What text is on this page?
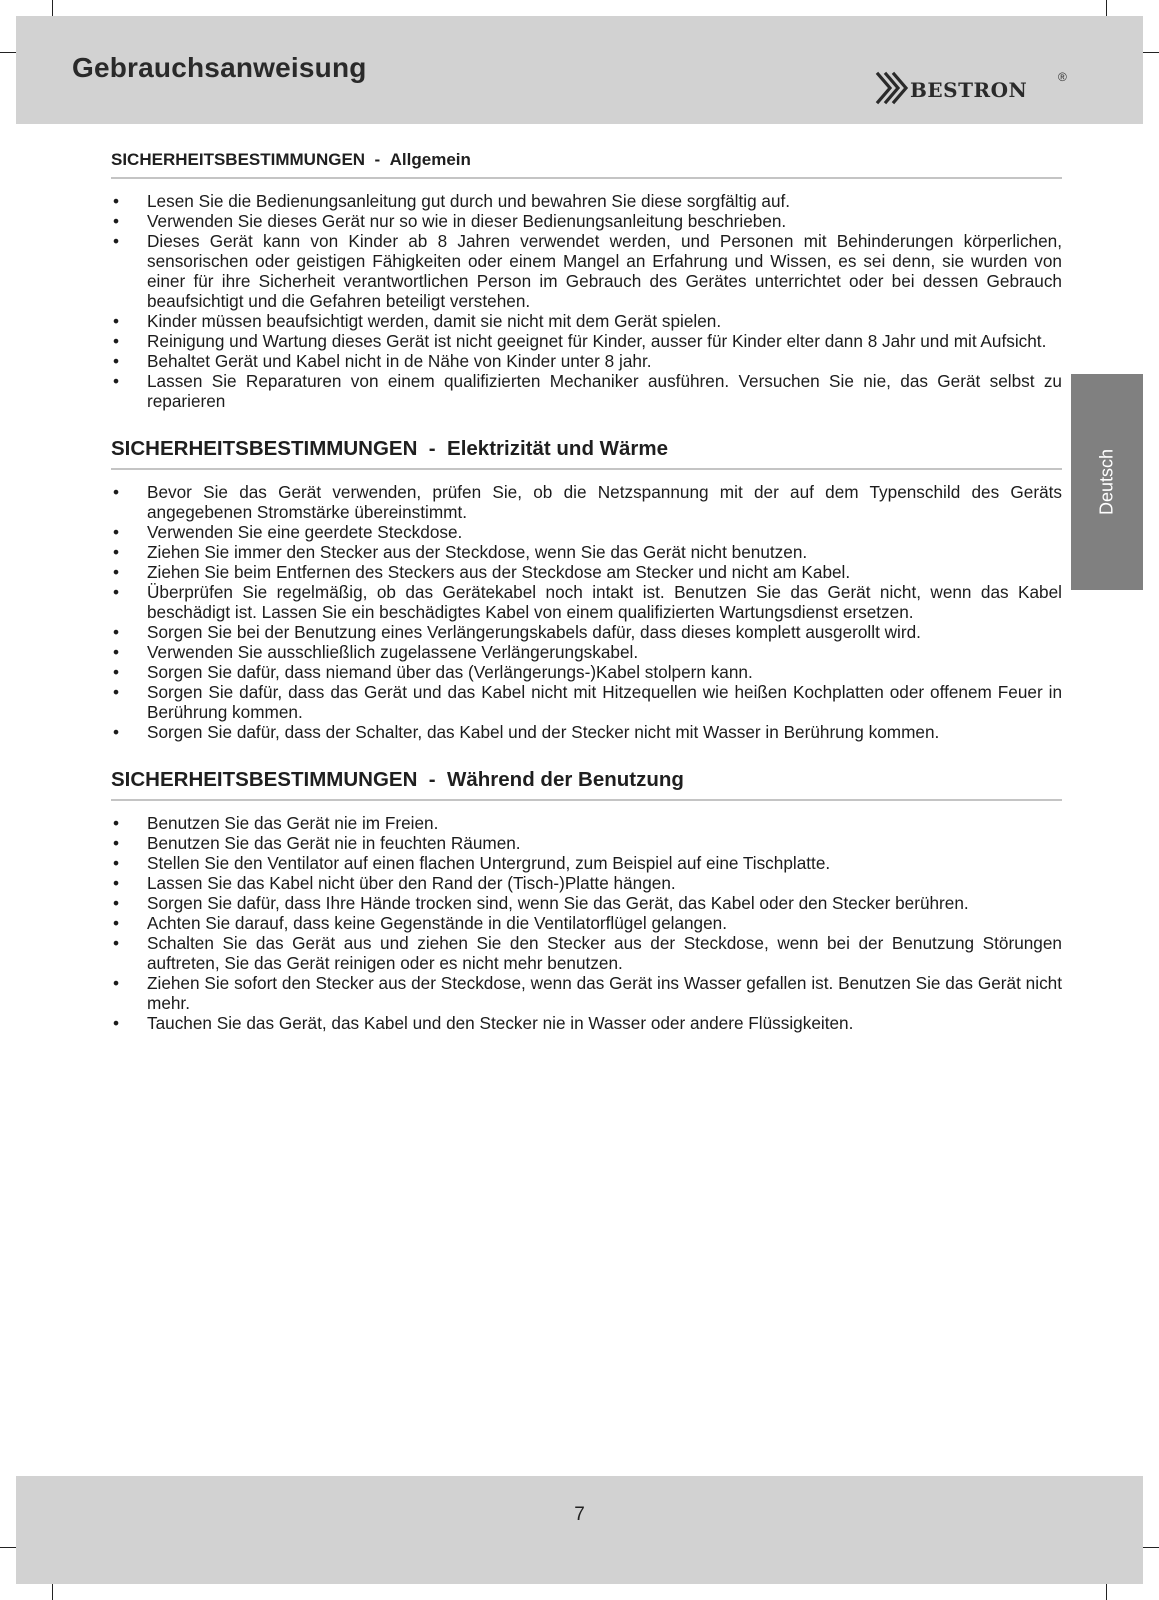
Gebrauchsanweisung
bestron	®
Deutsch
SICHERHEITSBESTIMMUNGEN - Allgemein
• Lesen Sie die Bedienungsanleitung gut durch und bewahren Sie diese sorgfältig auf.
• Verwenden Sie dieses Gerät nur so wie in dieser Bedienungsanleitung beschrieben.
• Dieses Gerät kann von Kinder ab 8 Jahren verwendet werden, und Personen mit Behinderungen körperlichen, sensorischen oder geistigen Fähigkeiten oder einem Mangel an Erfahrung und Wissen, es sei denn, sie wurden von einer für ihre Sicherheit verantwortlichen Person im Gebrauch des Gerätes unterrichtet oder bei dessen Gebrauch beaufsichtigt und die Gefahren beteiligt verstehen.
• Kinder müssen beaufsichtigt werden, damit sie nicht mit dem Gerät spielen.
• Reinigung und Wartung dieses Gerät ist nicht geeignet für Kinder, ausser für Kinder elter dann 8 Jahr und mit Aufsicht.
• Behaltet Gerät und Kabel nicht in de Nähe von Kinder unter 8 jahr.
• Lassen Sie Reparaturen von einem qualifizierten Mechaniker ausführen. Versuchen Sie nie, das Gerät selbst zu reparieren
SICHERHEITSBESTIMMUNGEN - Elektrizität und Wärme
• Bevor Sie das Gerät verwenden, prüfen Sie, ob die Netzspannung mit der auf dem Typenschild des Geräts angegebenen Stromstärke übereinstimmt.
• Verwenden Sie eine geerdete Steckdose.
• Ziehen Sie immer den Stecker aus der Steckdose, wenn Sie das Gerät nicht benutzen.
• Ziehen Sie beim Entfernen des Steckers aus der Steckdose am Stecker und nicht am Kabel.
• Überprüfen Sie regelmäßig, ob das Gerätekabel noch intakt ist. Benutzen Sie das Gerät nicht, wenn das Kabel beschädigt ist. Lassen Sie ein beschädigtes Kabel von einem qualifizierten Wartungsdienst ersetzen.
• Sorgen Sie bei der Benutzung eines Verlängerungskabels dafür, dass dieses komplett ausgerollt wird.
• Verwenden Sie ausschließlich zugelassene Verlängerungskabel.
• Sorgen Sie dafür, dass niemand über das (Verlängerungs-)Kabel stolpern kann.
• Sorgen Sie dafür, dass das Gerät und das Kabel nicht mit Hitzequellen wie heißen Kochplatten oder offenem Feuer in Berührung kommen.
• Sorgen Sie dafür, dass der Schalter, das Kabel und der Stecker nicht mit Wasser in Berührung kommen.
SICHERHEITSBESTIMMUNGEN - Während der Benutzung
• Benutzen Sie das Gerät nie im Freien.
• Benutzen Sie das Gerät nie in feuchten Räumen.
• Stellen Sie den Ventilator auf einen flachen Untergrund, zum Beispiel auf eine Tischplatte.
• Lassen Sie das Kabel nicht über den Rand der (Tisch-)Platte hängen.
• Sorgen Sie dafür, dass Ihre Hände trocken sind, wenn Sie das Gerät, das Kabel oder den Stecker berühren.
• Achten Sie darauf, dass keine Gegenstände in die Ventilatorflügel gelangen.
• Schalten Sie das Gerät aus und ziehen Sie den Stecker aus der Steckdose, wenn bei der Benutzung Störungen auftreten, Sie das Gerät reinigen oder es nicht mehr benutzen.
• Ziehen Sie sofort den Stecker aus der Steckdose, wenn das Gerät ins Wasser gefallen ist. Benutzen Sie das Gerät nicht mehr.
• Tauchen Sie das Gerät, das Kabel und den Stecker nie in Wasser oder andere Flüssigkeiten.
7
